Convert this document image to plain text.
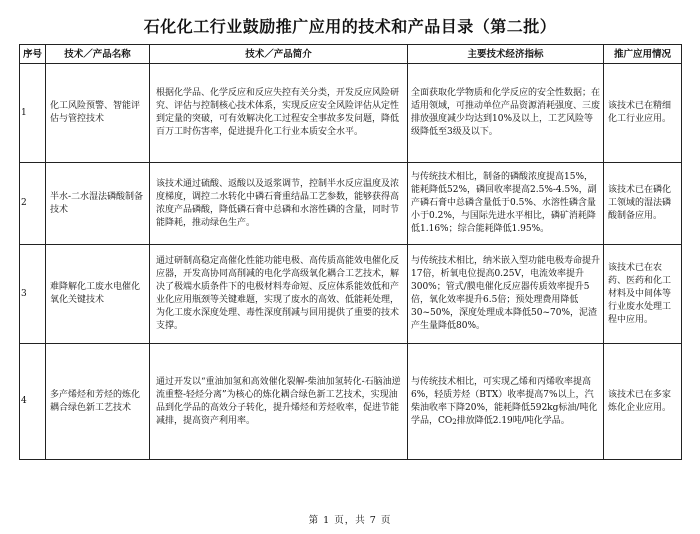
石化化工行业鼓励推广应用的技术和产品目录（第二批）
序号	技术／产品名称	技术／产品简介	主要技术经济指标	推广应用情况
1	化工风险预警、智能评估与管控技术	根据化学品、化学反应和反应失控有关分类，开发反应风险研究、评估与控制核心技术体系，实现反应安全风险评估从定性到定量的突破，可有效解决化工过程安全事故多发问题，降低百万工时伤害率，促进提升化工行业本质安全水平。	全面获取化学物质和化学反应的安全性数据；在适用领域，可推动单位产品资源消耗强度、三废排放强度减少均达到10%及以上，工艺风险等级降低至3级及以下。	该技术已在精细化工行业应用。
2	半水-二水湿法磷酸制备技术	该技术通过硫酸、返酸以及返浆调节，控制半水反应温度及浓度梯度，调控二水转化中磷石膏重结晶工艺参数，能够获得高浓度产品磷酸，降低磷石膏中总磷和水溶性磷的含量，同时节能降耗，推动绿色生产。	与传统技术相比，制备的磷酸浓度提高15%，能耗降低52%，磷回收率提高2.5%-4.5%，副产磷石膏中总磷含量低于0.5%、水溶性磷含量小于0.2%，与国际先进水平相比，磷矿消耗降低1.16%；综合能耗降低1.95%。	该技术已在磷化工领域的湿法磷酸制备应用。
3	难降解化工废水电催化氧化关键技术	通过研制高稳定高催化性能功能电极、高传质高能效电催化反应器，开发高协同高削减的电化学高级氧化耦合工艺技术，解决了极端水质条件下的电极材料寿命短、反应体系能效低和产业化应用瓶颈等关键难题，实现了废水的高效、低能耗处理，为化工废水深度处理、毒性深度削减与回用提供了重要的技术支撑。	与传统技术相比，纳米嵌入型功能电极寿命提升17倍，析氧电位提高0.25V，电流效率提升300%；管式/膜电催化反应器传质效率提升5倍，氧化效率提升6.5倍；预处理费用降低30~50%，深度处理成本降低50~70%，泥渣产生量降低80%。	该技术已在农药、医药和化工材料及中间体等行业废水处理工程中应用。
4	多产烯烃和芳烃的炼化耦合绿色新工艺技术	通过开发以“重油加氢和高效催化裂解-柴油加氢转化-石脑油逆流重整-轻烃分离”为核心的炼化耦合绿色新工艺技术，实现油品到化学品的高效分子转化，提升烯烃和芳烃收率，促进节能减排，提高资产利用率。	与传统技术相比，可实现乙烯和丙烯收率提高6%，轻质芳烃（BTX）收率提高7%以上，汽柴油收率下降20%，能耗降低592kg标油/吨化学品，CO2排放降低2.19吨/吨化学品。	该技术已在多家炼化企业应用。
第 1 页，共 7 页
